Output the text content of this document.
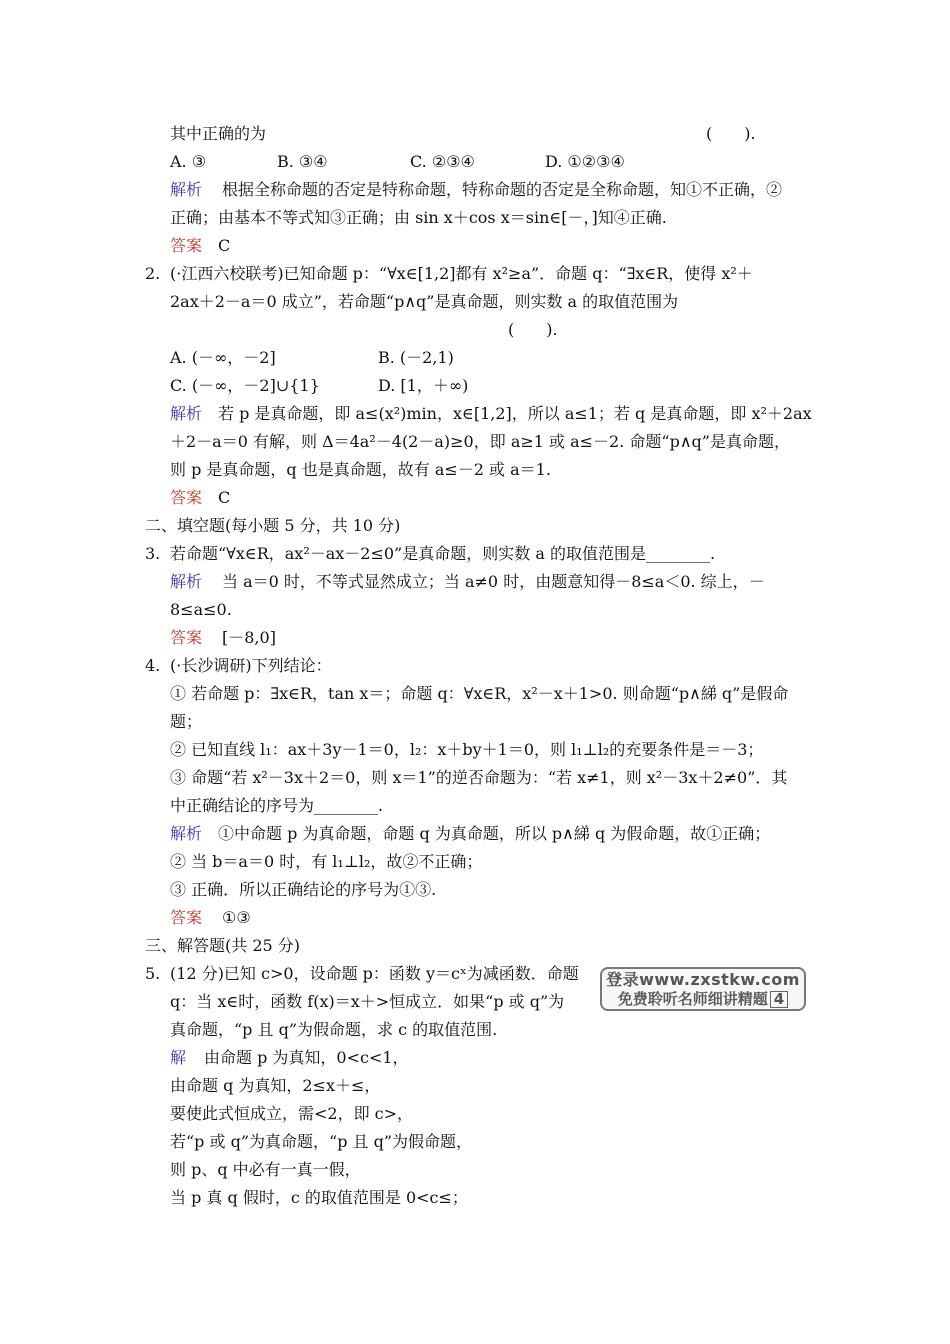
其中正确的为	(　　).
A. ③	B. ③④	C. ②③④	D. ①②③④
解析 根据全称命题的否定是特称命题，特称命题的否定是全称命题，知①不正确，②
正确；由基本不等式知③正确；由 sin x＋cos x＝sin∈[－，]知④正确.
答案 C
2. (·江西六校联考)已知命题 p：“∀x∈[1,2]都有 x²≥a”．命题 q：“∃x∈R，使得 x²＋
2ax＋2－a＝0 成立”，若命题“p∧q”是真命题，则实数 a 的取值范围为
(　　).
A. (－∞，－2]	B. (－2,1)
C. (－∞，－2]∪{1}	D. [1，＋∞)
解析 若 p 是真命题，即 a≤(x²)min，x∈[1,2]，所以 a≤1；若 q 是真命题，即 x²＋2ax
＋2－a＝0 有解，则 Δ＝4a²－4(2－a)≥0，即 a≥1 或 a≤－2. 命题“p∧q”是真命题，
则 p 是真命题，q 也是真命题，故有 a≤－2 或 a＝1.
答案 C
二、填空题(每小题 5 分，共 10 分)
3. 若命题“∀x∈R，ax²－ax－2≤0”是真命题，则实数 a 的取值范围是________.
解析 当 a＝0 时，不等式显然成立；当 a≠0 时，由题意知得－8≤a＜0. 综上，－
8≤a≤0.
答案 [－8,0]
4. (·长沙调研)下列结论：
① 若命题 p：∃x∈R，tan x＝；命题 q：∀x∈R，x²－x＋1>0. 则命题“p∧綈 q”是假命
题；
② 已知直线 l₁：ax＋3y－1＝0，l₂：x＋by＋1＝0，则 l₁⊥l₂的充要条件是＝－3；
③ 命题“若 x²－3x＋2＝0，则 x＝1”的逆否命题为：“若 x≠1，则 x²－3x＋2≠0”．其
中正确结论的序号为________.
解析 ①中命题 p 为真命题，命题 q 为真命题，所以 p∧綈 q 为假命题，故①正确；
② 当 b＝a＝0 时，有 l₁⊥l₂，故②不正确；
③ 正确．所以正确结论的序号为①③.
答案 ①③
三、解答题(共 25 分)
5. (12 分)已知 c>0，设命题 p：函数 y＝cˣ为减函数．命题
q：当 x∈时，函数 f(x)＝x＋>恒成立．如果“p 或 q”为
真命题，“p 且 q”为假命题，求 c 的取值范围.
登录www.zxstkw.com
免费聆听名师细讲精题 4
解 由命题 p 为真知，0<c<1，
由命题 q 为真知，2≤x＋≤，
要使此式恒成立，需<2，即 c>，
若“p 或 q”为真命题，“p 且 q”为假命题，
则 p、q 中必有一真一假，
当 p 真 q 假时，c 的取值范围是 0<c≤；
